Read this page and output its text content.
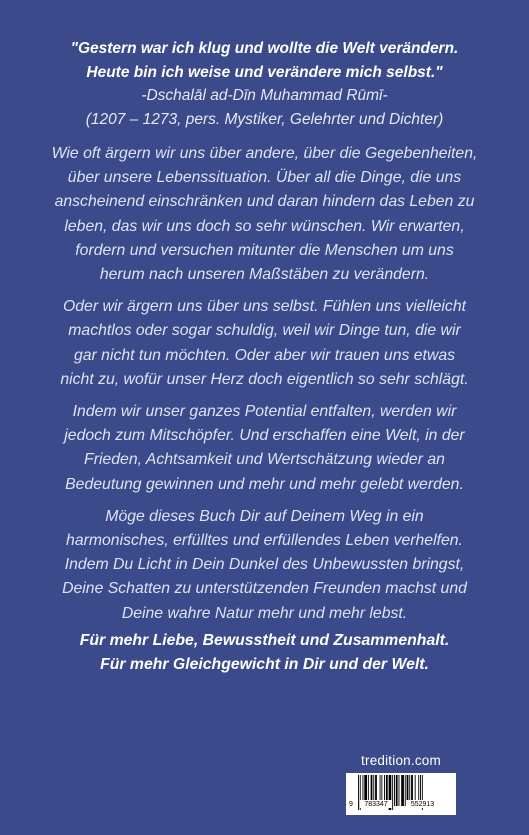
"Gestern war ich klug und wollte die Welt verändern.
Heute bin ich weise und verändere mich selbst."
-Dschalāl ad-Dīn Muhammad Rūmī-
(1207 – 1273, pers. Mystiker, Gelehrter und Dichter)

Wie oft ärgern wir uns über andere, über die Gegebenheiten,
über unsere Lebenssituation. Über all die Dinge, die uns
anscheinend einschränken und daran hindern das Leben zu
leben, das wir uns doch so sehr wünschen. Wir erwarten,
fordern und versuchen mitunter die Menschen um uns
herum nach unseren Maßstäben zu verändern.

Oder wir ärgern uns über uns selbst. Fühlen uns vielleicht
machtlos oder sogar schuldig, weil wir Dinge tun, die wir
gar nicht tun möchten. Oder aber wir trauen uns etwas
nicht zu, wofür unser Herz doch eigentlich so sehr schlägt.

Indem wir unser ganzes Potential entfalten, werden wir
jedoch zum Mitschöpfer. Und erschaffen eine Welt, in der
Frieden, Achtsamkeit und Wertschätzung wieder an
Bedeutung gewinnen und mehr und mehr gelebt werden.

Möge dieses Buch Dir auf Deinem Weg in ein
harmonisches, erfülltes und erfüllendes Leben verhelfen.
Indem Du Licht in Dein Dunkel des Unbewussten bringst,
Deine Schatten zu unterstützenden Freunden machst und
Deine wahre Natur mehr und mehr lebst.

Für mehr Liebe, Bewusstheit und Zusammenhalt.
Für mehr Gleichgewicht in Dir und der Welt.
tredition.com
9 783347	552913
